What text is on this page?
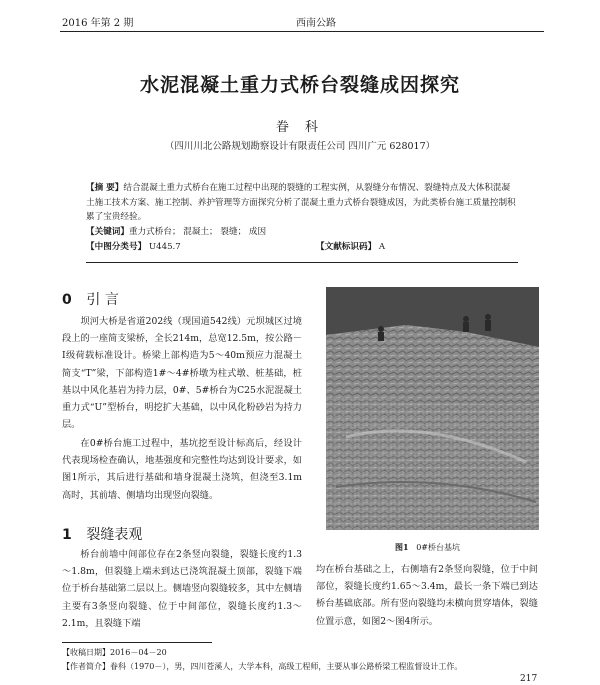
2016 年第 2 期	西南公路
水泥混凝土重力式桥台裂缝成因探究
眷 科
（四川川北公路规划勘察设计有限责任公司 四川广元 628017）
【摘 要】结合混凝土重力式桥台在施工过程中出现的裂缝的工程实例，从裂缝分布情况、裂缝特点及大体积混凝土施工技术方案、施工控制、养护管理等方面探究分析了混凝土重力式桥台裂缝成因，为此类桥台施工质量控制积累了宝贵经验。
【关键词】重力式桥台； 混凝土； 裂缝； 成因
【中图分类号】 U445.7	【文献标识码】 A
0 引 言
坝河大桥是省道202线（现国道542线）元坝城区过境段上的一座简支梁桥，全长214m，总宽12.5m，按公路－Ⅰ级荷载标准设计。桥梁上部构造为5～40m预应力混凝土简支“T”梁，下部构造1#～4#桥墩为柱式墩、桩基础，桩基以中风化基岩为持力层，0#、5#桥台为C25水泥混凝土重力式“U”型桥台，明挖扩大基础，以中风化粉砂岩为持力层。
在0#桥台施工过程中，基坑挖至设计标高后，经设计代表现场检查确认，地基强度和完整性均达到设计要求，如图1所示，其后进行基础和墙身混凝土浇筑，但浇至3.1m高时，其前墙、侧墙均出现竖向裂缝。
图1 0#桥台基坑
1 裂缝表观
桥台前墙中间部位存在2条竖向裂缝，裂缝长度约1.3～1.8m，但裂缝上端未到达已浇筑混凝土顶部，裂缝下端位于桥台基础第二层以上。侧墙竖向裂缝较多，其中左侧墙主要有3条竖向裂缝、位于中间部位，裂缝长度约1.3～2.1m，且裂缝下端
均在桥台基础之上，右侧墙有2条竖向裂缝，位于中间部位，裂缝长度约1.65～3.4m，最长一条下端已到达桥台基础底部。所有竖向裂缝均未横向贯穿墙体，裂缝位置示意，如图2～图4所示。
【收稿日期】2016－04－20
【作者简介】眷科（1970－），男，四川苍溪人，大学本科，高级工程师，主要从事公路桥梁工程监督设计工作。
217
